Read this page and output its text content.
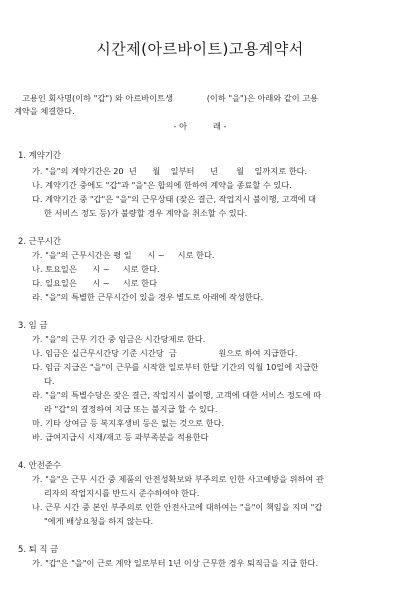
시간제(아르바이트)고용계약서
고용인 회사명(이하 "갑") 와 아르바이트생             (이하 "을")은 아래와 같이 고용
계약을 체결한다.
- 아          래 -
1. 계약기간
가. "을"의 계약기간은 20  년      월    일부터      년       월    일까지로 한다.
나. 계약기간 중에도 "갑"과 "을"은 합의에 한하여 계약을 종료할 수 있다.
다. 계약기간 중 "갑"은 "을"의 근무상태 (잦은 결근, 작업지시 불이행, 고객에 대
한 서비스 정도 등)가 불량할 경우 계약을 취소할 수 있다.
2. 근무시간
가. "을"의 근무시간은 평 일      시 ~     시로 한다.
나. 토요일은      시 ~     시로 한다.
다. 일요일은      시 ~     시로 한다
라. "을"의 특별한 근무시간이 있을 경우 별도로 아래에 작성한다.
3. 임 금
가. "을"의 근무 기간 중 임금은 시간당제로 한다.
나. 임금은 실근무시간당 기준 시간당  금                원으로 하여 지급한다.
다. 임금 지급은 "을"이 근무를 시작한 일로부터 한달 기간의 익월 10일에 지급한
다.
라. "을"의 특별수당은 잦은 결근, 작업지시 불이행, 고객에 대한 서비스 정도에 따
라 "갑"의 결정하여 지급 또는 불지급 할 수 있다.
마. 기타 상여금 등 복지후생비 등은 없는 것으로 한다.
바. 급여지급시 시재/재고 등 과부족분을 적용한다
4. 안전준수
가. "을"은 근무 시간 중 제품의 안전성확보와 부주의로 인한 사고예방을 위하여 관
리자의 작업지시를 반드시 준수하여야 한다.
나. 근무 시간 중 본인 부주의로 인한 안전사고에 대하여는 "을"이 책임을 지며 "갑
"에게 배상요청을 하지 않는다.
5. 퇴 직 금
가. "갑"은 "을"이 근로 계약 일로부터 1년 이상 근무한 경우 퇴직금을 지급 한다.
